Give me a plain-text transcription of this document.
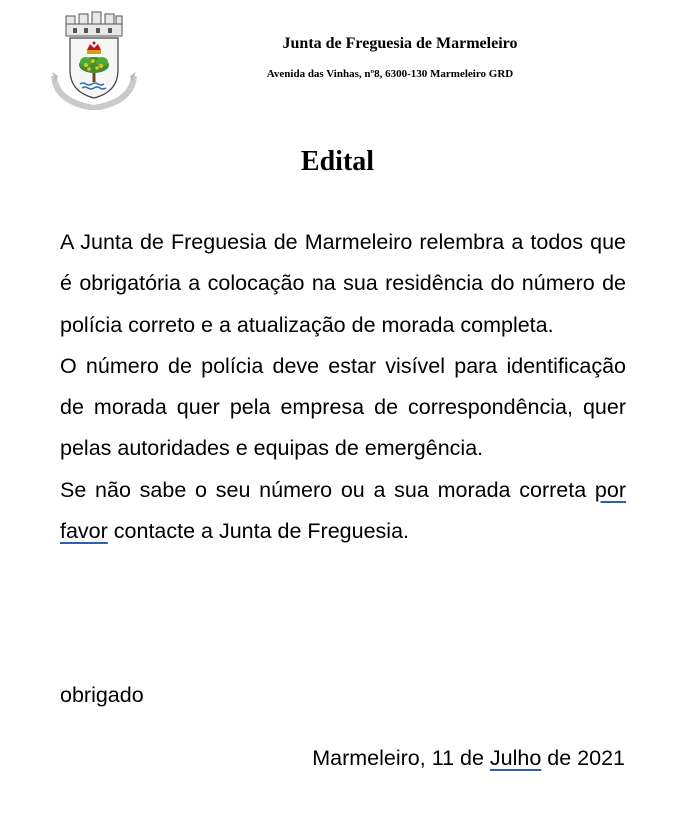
Junta de Freguesia de Marmeleiro
Avenida das Vinhas, nº8, 6300-130 Marmeleiro GRD
Edital

A Junta de Freguesia de Marmeleiro relembra a todos que é obrigatória a colocação na sua residência do número de polícia correto e a atualização de morada completa.

O número de polícia deve estar visível para identificação de morada quer pela empresa de correspondência, quer pelas autoridades e equipas de emergência.

Se não sabe o seu número ou a sua morada correta por favor contacte a Junta de Freguesia.

obrigado
Marmeleiro, 11 de Julho de 2021
